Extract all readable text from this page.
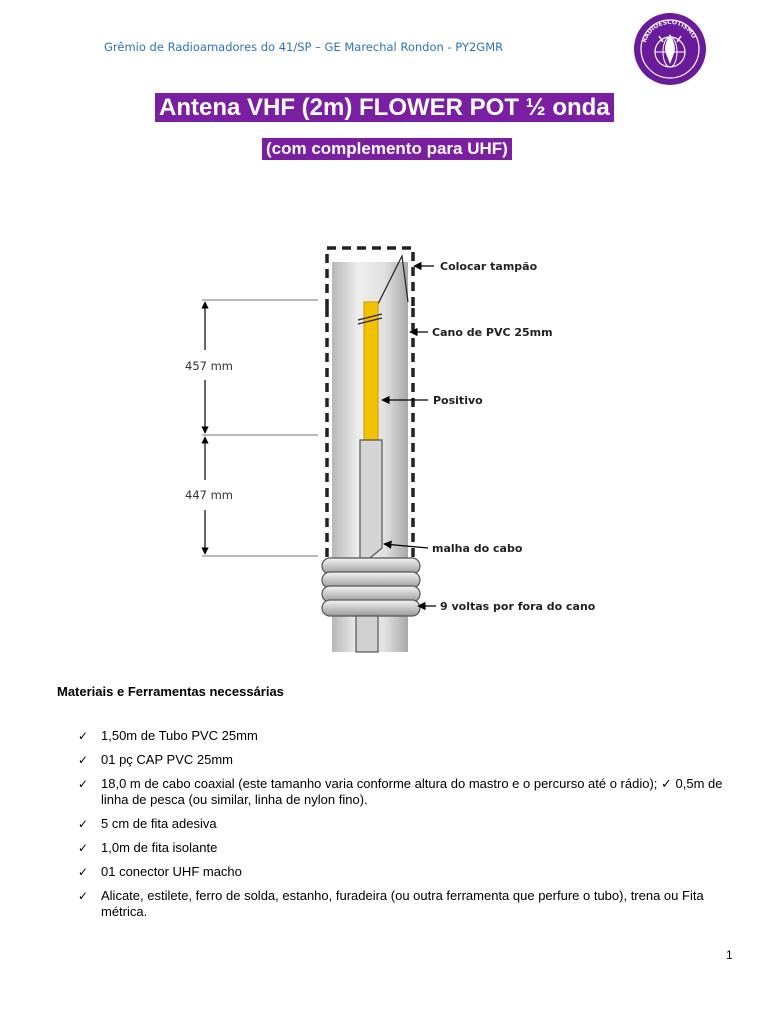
Grêmio de Radioamadores do 41/SP – GE Marechal Rondon - PY2GMR	RADIOESCOTISMO
Antena VHF (2m) FLOWER POT ½ onda
(com complemento para UHF)
457 mm
447 mm
Colocar tampão
Cano de PVC 25mm
Positivo
malha do cabo
9 voltas por fora do cano
Materiais e Ferramentas necessárias
✓ 1,50m de Tubo PVC 25mm
✓ 01 pç CAP PVC 25mm
✓ 18,0 m de cabo coaxial (este tamanho varia conforme altura do mastro e o percurso até o rádio); ✓ 0,5m de linha de pesca (ou similar, linha de nylon fino).
✓ 5 cm de fita adesiva
✓ 1,0m de fita isolante
✓ 01 conector UHF macho
✓ Alicate, estilete, ferro de solda, estanho, furadeira (ou outra ferramenta que perfure o tubo), trena ou Fita métrica.
1
